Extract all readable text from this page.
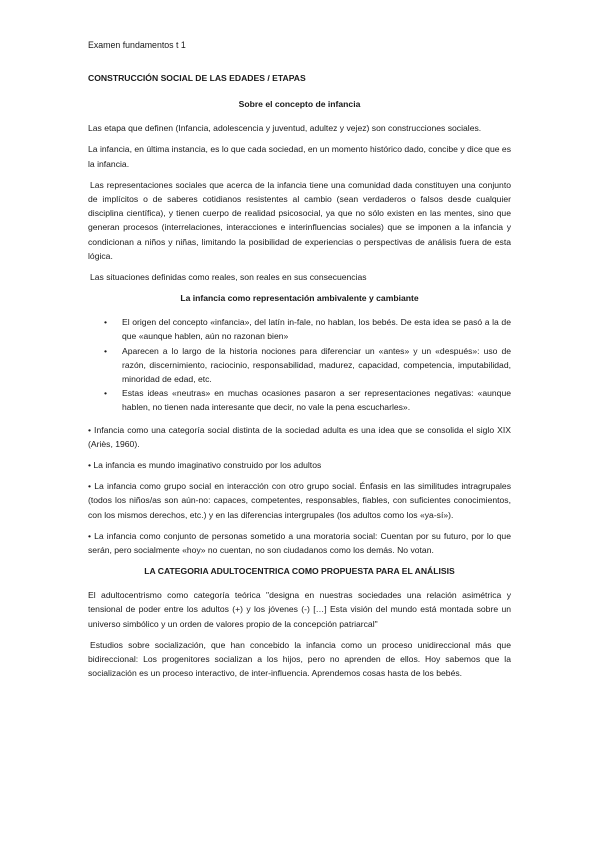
Examen fundamentos t 1
CONSTRUCCIÓN SOCIAL DE LAS EDADES / ETAPAS
Sobre el concepto de infancia

Las etapa que definen (Infancia, adolescencia y juventud, adultez y vejez) son construcciones sociales.

La infancia, en última instancia, es lo que cada sociedad, en un momento histórico dado, concibe y dice que es la infancia.

Las representaciones sociales que acerca de la infancia tiene una comunidad dada constituyen una conjunto de implícitos o de saberes cotidianos resistentes al cambio (sean verdaderos o falsos desde cualquier disciplina científica), y tienen cuerpo de realidad psicosocial, ya que no sólo existen en las mentes, sino que generan procesos (interrelaciones, interacciones e interinfluencias sociales) que se imponen a la infancia y condicionan a niños y niñas, limitando la posibilidad de experiencias o perspectivas de análisis fuera de esta lógica.

Las situaciones definidas como reales, son reales en sus consecuencias

La infancia como representación ambivalente y cambiante
• El origen del concepto «infancia», del latín in-fale, no hablan, los bebés. De esta idea se pasó a la de que «aunque hablen, aún no razonan bien»
• Aparecen a lo largo de la historia nociones para diferenciar un «antes» y un «después»: uso de razón, discernimiento, raciocinio, responsabilidad, madurez, capacidad, competencia, imputabilidad, minoridad de edad, etc.
• Estas ideas «neutras» en muchas ocasiones pasaron a ser representaciones negativas: «aunque hablen, no tienen nada interesante que decir, no vale la pena escucharles».

• Infancia como una categoría social distinta de la sociedad adulta es una idea que se consolida el siglo XIX (Ariès, 1960).

• La infancia es mundo imaginativo construido por los adultos

• La infancia como grupo social en interacción con otro grupo social. Énfasis en las similitudes intragrupales (todos los niños/as son aún-no: capaces, competentes, responsables, fiables, con suficientes conocimientos, con los mismos derechos, etc.) y en las diferencias intergrupales (los adultos como los «ya-sí»).

• La infancia como conjunto de personas sometido a una moratoria social: Cuentan por su futuro, por lo que serán, pero socialmente «hoy» no cuentan, no son ciudadanos como los demás. No votan.

LA CATEGORIA ADULTOCENTRICA COMO PROPUESTA PARA EL ANÁLISIS

El adultocentrismo como categoría teórica "designa en nuestras sociedades una relación asimétrica y tensional de poder entre los adultos (+) y los jóvenes (-) […] Esta visión del mundo está montada sobre un universo simbólico y un orden de valores propio de la concepción patriarcal"

Estudios sobre socialización, que han concebido la infancia como un proceso unidireccional más que bidireccional: Los progenitores socializan a los hijos, pero no aprenden de ellos. Hoy sabemos que la socialización es un proceso interactivo, de inter-influencia. Aprendemos cosas hasta de los bebés.
